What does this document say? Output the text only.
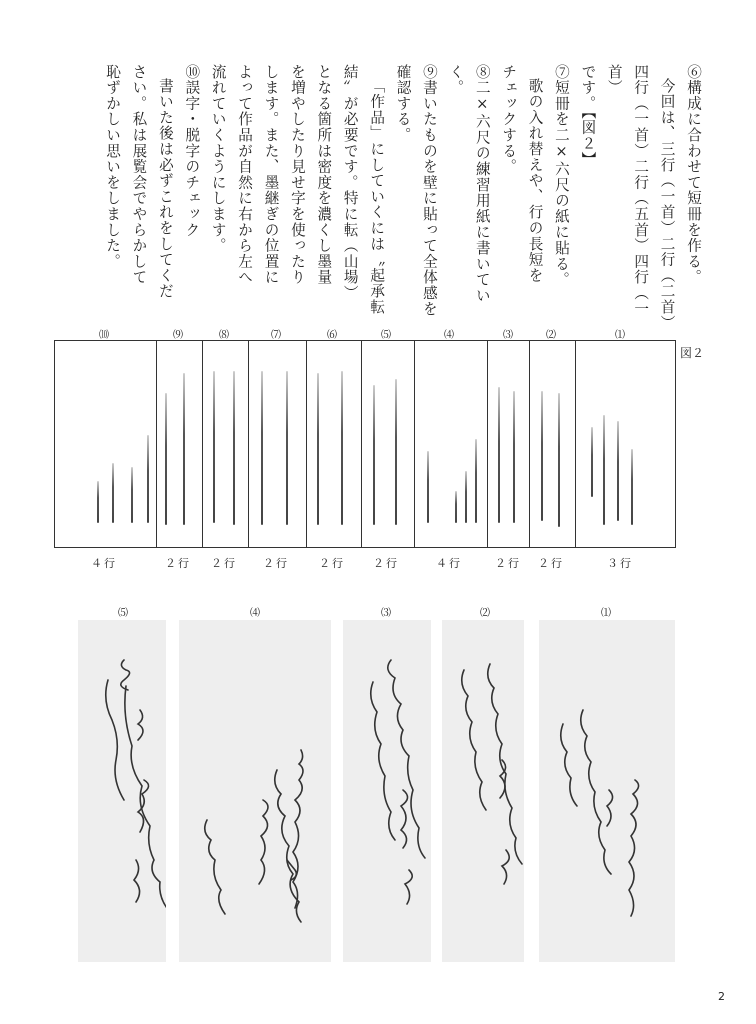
⑥構成に合わせて短冊を作る。

今回は、三行（一首）二行（二首）

四行（一首）二行（五首）四行（一首）

です。【図２】

⑦短冊を二×六尺の紙に貼る。

歌の入れ替えや、行の長短を

チェックする。

⑧二×六尺の練習用紙に書いていく。

⑨書いたものを壁に貼って全体感を

確認する。

「作品」にしていくには〝起承転

結〟が必要です。特に転（山場）

となる箇所は密度を濃くし墨量

を増やしたり見せ字を使ったり

します。また、墨継ぎの位置に

よって作品が自然に右から左へ

流れていくようにします。

⑩誤字・脱字のチェック

書いた後は必ずこれをしてくだ

さい。私は展覧会でやらかして

恥ずかしい思いをしました。

図２
⑽	⑼	⑻	⑺	⑹	⑸	⑷	⑶	⑵	⑴
４行	２行 ２行 ２行	２行	２行	４行	２行 ２行	３行
⑸	⑷	⑶	⑵	⑴
2
